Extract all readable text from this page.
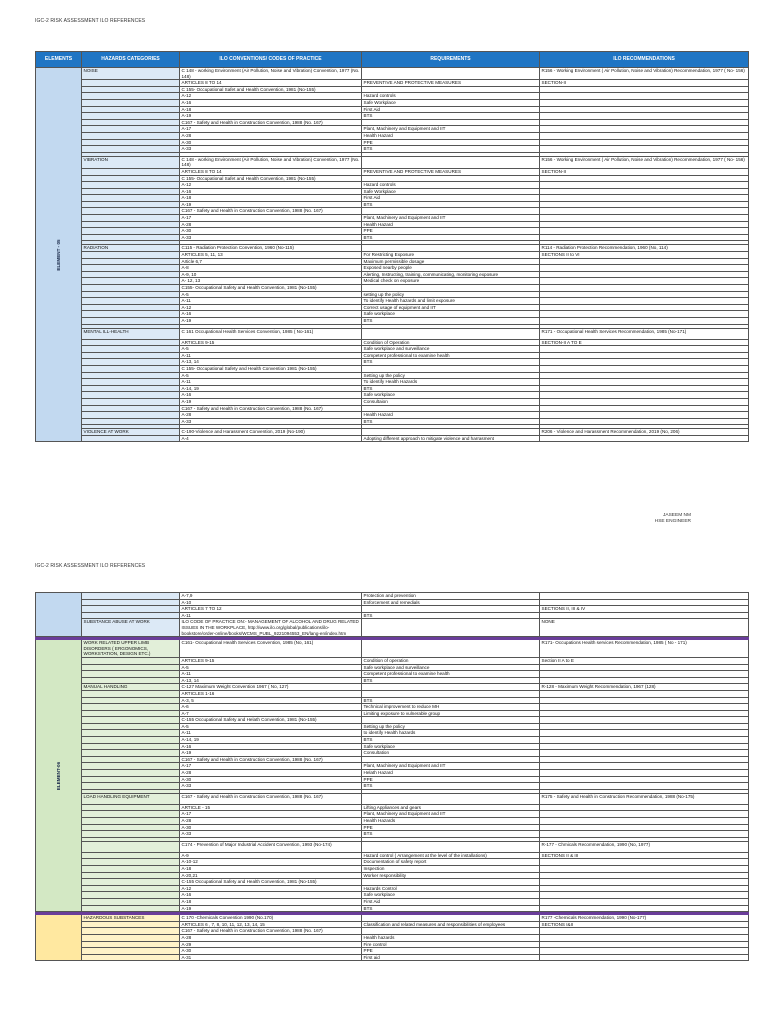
IGC-2 RISK ASSESSMENT ILO REFERENCES
ELEMENTS	HAZARDS CATEGORIES	ILO CONVENTIONS/ CODES OF PRACTICE	REQUIREMENTS	ILO RECOMMENDATIONS

ELEMENT - 05	NOISE	C 148 - working Environment (Air Pollution, Noise and Vibration) Convention, 1977 (No. 148)		R156 - Working Environment ( Air Pollution, Noise and Vibration) Recommendation, 1977 ( No- 156)
		ARTICLES 8 TO 14	PREVENTIVE AND PROTECTIVE MEASURES	SECTION-II
		C 155- Occupational Safet and Health Convention, 1981 (No-155)		
		A-12	Hazard controls	
		A-16	Safe Workplace	
		A-18	First Aid	
		A-19	BTS	
		C167 - Safety and Health in Construction Convention, 1988 (No. 167)		
		A-17	Plant, Machinery and Equipment and IIT	
		A-28	Health Hazard	
		A-30	PPE	
		A-33	BTS	

	VIBRATION	C 148 - working Environment (Air Pollution, Noise and Vibration) Convention, 1977 (No. 148)		R156 - Working Environment ( Air Pollution, Noise and Vibration) Recommendation, 1977 ( No- 156)
		ARTICLES 8 TO 14	PREVENTIVE AND PROTECTIVE MEASURES	SECTION-II
		C 155- Occupational Safet and Health Convention, 1981 (No-155)		
		A-12	Hazard controls	
		A-16	Safe Workplace	
		A-18	First Aid	
		A-19	BTS	
		C167 - Safety and Health in Construction Convention, 1988 (No. 167)		
		A-17	Plant, Machinery and Equipment and IIT	
		A-28	Health Hazard	
		A-30	PPE	
		A-33	BTS	

	RADIATION	C115 - Radiation Protection Convention, 1960 (No-115)		R114 - Radiation Protection Recommendation, 1960 (No, 114)
		ARTICLES 5, 11, 13	For Restricting Exposure	SECTIONS II to VI
		Article 6,7	Maximum permissible dosage	
		A-8	Exposed nearby people	
		A-9, 10	Alerting, Instructing, training, communicating, monitoring exposure	
		A- 12, 13	Medical check on exposure	
		C155- Occupational Safety and Health Convention, 1981 (No-155)		
		A-5	setting up the policy	
		A-11	To identify Health hazards and limit exposure	
		A-12	Correct usage of equipment and IIT	
		A-16	Safe workplace	
		A-19	BTS	

	MENTAL ILL-HEALTH	C 161 Occupational Health Services Convention, 1985 ( No-161)		R171 - Occupational Health Services Recommendation, 1985 (No-171)
		ARTICLES 9-15	Condition of Operation	SECTION-II A TO E
		A-5	Safe workplace and surveillance	
		A-11	Competent professional to examine health	
		A-13, 14	BTS	
		C 155- Occupational Safety and Health Convention 1981 (No-155)		
		A-5	Setting up the policy	
		A-11	To identify Health Hazards	
		A-14, 19	BTS	
		A-16	Safe workplace	
		A-19	Consultaion	
		C167 - Safety and Health in Construction Convention, 1988 (No. 167)		
		A-28	Health Hazard	
		A-33	BTS	

	VIOLENCE AT WORK	C-190-Violence and Harassment Convention, 2019 (No-190)		R206 - Violence and Harassment Recommendation, 2019 (No, 206)
		A-4	Adopting different approach to mitigate violence and harrasment	
JASEEM NM
HSE ENGINEER
IGC-2 RISK ASSESSMENT ILO REFERENCES
		A-7,9	Protection and prevention	
		A-10	Enforcement and remedials	
		ARTICLES 7 TO 12		SECTIONS II, III & IV
		A-11	BTS	
	SUBSTANCE ABUSE AT WORK	ILO CODE OF PRACTICE ON:- MANAGEMENT OF ALCOHOL AND DRUG RELATED ISSUES IN THE WORKPLACE, http://www.ilo.org/global/publications/ilo-bookstore/order-online/books/WCMS_PUBL_9221094553_EN/lang-en/index.htm		NONE

ELEMENT-06	WORK RELATED UPPER LIMB DISORDERS ( ERGONOMICS, WORKSTATION, DESIGN ETC.)	C161- Occupational Health Services Convention, 1985 (No, 161)		R171- Occupations Health services Recommendation, 1985 ( No - 171)
		ARTICLES 9-15	Condition of operation	Section II A to E
		A-5	Safe workplace and surveillance	
		A-11	Competent professional to examine health	
		A-13, 14	BTS	
	MANUAL HANDLING	C-127 Maximum Weight Convention 1967 ( No, 127)		R-128 - Maximum Weight Recommendation, 1967 (128)
		ARTICLES 1-16		
		A-3, 5	BTS	
		A-6	Technical improvement to reduce MH	
		A-7	Limiting exposure to vulnerable group	
		C-155 Occupational Safety and Helath Convention, 1981 (No-155)		
		A-5	Setting up the policy	
		A-11	to identify Health hazards	
		A-14, 19	BTS	
		A-16	Safe workplace	
		A-19	Consultation	
		C167 - Safety and Health in Construction Convention, 1988 (No. 167)		
		A-17	Plant, Machinery and Equipment and IIT	
		A-28	Helath Hazard	
		A-30	PPE	
		A-33	BTS	

	LOAD HANDLING EQUIPMENT	C167 - Safety and Health in Construction Convention, 1988 (No. 167)		R175 - Safety and Health in Construction Recommendation, 1988 (No-175)
		ARTICLE - 15	Lifting Appliances and gears	
		A-17	Plant, Machinery and Equipment and IIT	
		A-28	Health Hazards	
		A-30	PPE	
		A-33	BTS	

		C174 - Prevention of Major Industrial Accident Convention, 1993 (No-174)		R-177 - Chmicals Recommendation, 1990 (No, 1977)
		A-9	Hazard control ( Arrangement at the level of the installations)	SECTIONS II & III
		A-10-12	Documentation of safety report	
		A-18	Inspection	
		A-20,21	Worker responsibility	
		C-155 Occupational Safety and Health Convention, 1981 (No-155)		
		A-12	Hazards Control	
		A-16	Safe workplace	
		A-18	First Aid	
		A-19	BTS	

	HAZARDOUS SUBSTANCES	C 170 -Chemicals Convention 1990 (No.170)		R177 -Chemicals Recommendation, 1990 (No-177)
		ARTICLES 6 , 7, 8, 10, 11, 12, 13, 14, 15	Classification and related measures and responsibilities of employees	SECTIONS I&II
		C167 - Safety and Health in Construction Convention, 1988 (No. 167)		
		A-28	Health hazards	
		A-29	Fire control	
		A-30	PPE	
		A-31	First aid	
